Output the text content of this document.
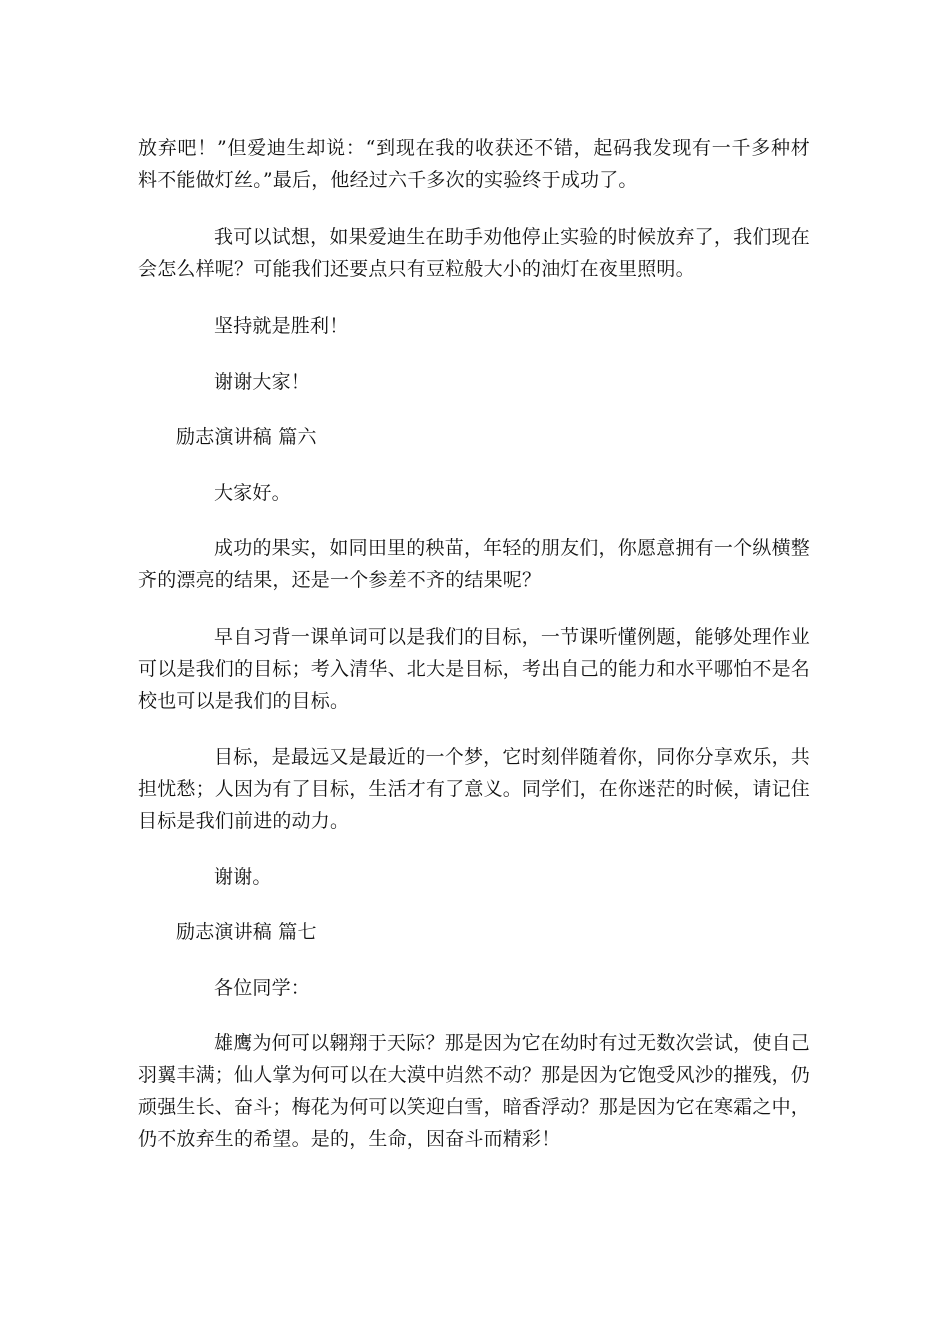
放弃吧！”但爱迪生却说：“到现在我的收获还不错，起码我发现有一千多种材料不能做灯丝。”最后，他经过六千多次的实验终于成功了。

我可以试想，如果爱迪生在助手劝他停止实验的时候放弃了，我们现在会怎么样呢？可能我们还要点只有豆粒般大小的油灯在夜里照明。

坚持就是胜利！

谢谢大家！

励志演讲稿 篇六

大家好。

成功的果实，如同田里的秧苗，年轻的朋友们，你愿意拥有一个纵横整齐的漂亮的结果，还是一个参差不齐的结果呢？

早自习背一课单词可以是我们的目标，一节课听懂例题，能够处理作业可以是我们的目标；考入清华、北大是目标，考出自己的能力和水平哪怕不是名校也可以是我们的目标。

目标，是最远又是最近的一个梦，它时刻伴随着你，同你分享欢乐，共担忧愁；人因为有了目标，生活才有了意义。同学们，在你迷茫的时候，请记住目标是我们前进的动力。

谢谢。

励志演讲稿 篇七

各位同学：

雄鹰为何可以翱翔于天际？那是因为它在幼时有过无数次尝试，使自己羽翼丰满；仙人掌为何可以在大漠中岿然不动？那是因为它饱受风沙的摧残，仍顽强生长、奋斗；梅花为何可以笑迎白雪，暗香浮动？那是因为它在寒霜之中，仍不放弃生的希望。是的，生命，因奋斗而精彩！
